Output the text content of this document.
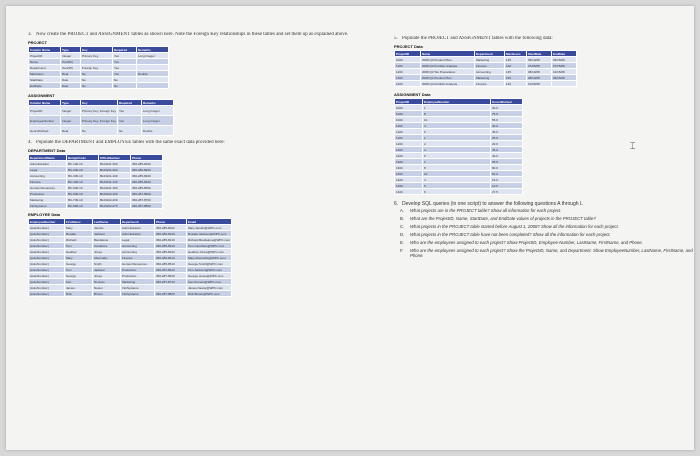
3. Now create the PROJECT and ASSIGNMENT tables as shown here. Note the Foreign Key relationships in these tables and set them up as explained above.
PROJECT
Column Name	Type	Key	Required	Remarks
ProjectID	Integer	Primary Key	Yes	Long Integer
Name	Text(50)		Yes	
Department	Text(35)	Foreign Key	Yes	
MaxHours	Real	No	Yes	Double
StartDate	Date	No	No	
EndDate	Date	No	No	
ASSIGNMENT
Column Name	Type	Key	Required	Remarks
ProjectID	Integer	Primary Key, Foreign Key	Yes	Long Integer
EmployeeNumber	Integer	Primary Key, Foreign Key	Yes	Long Integer
HoursWorked	Real	No	No	Double
4. Populate the DEPARTMENT and EMPLOYEE tables with the same exact data provided here:
DEPARTMENT Data
DepartmentName	BudgetCode	OfficeNumber	Phone
Administration	BC-100-10	BLDG01-300	360-285-8100
Legal	BC-200-10	BLDG01-200	360-285-8200
Accounting	BC-300-10	BLDG01-100	360-285-8300
Finance	BC-400-10	BLDG01-140	360-285-8400
Human Resources	BC-500-10	BLDG01-180	360-285-8500
Production	BC-600-10	BLDG02-100	360-287-8600
Marketing	BC-700-10	BLDG02-200	360-287-8700
InfoSystems	BC-800-10	BLDG02-270	360-287-8800
EMPLOYEE Data
EmployeeNumber	FirstName	LastName	Department	Phone	Email
[AutoNumber]	Mary	Jacobs	Administration	360-285-8110	Mary.Jacobs@WPC.com
[AutoNumber]	Rosalie	Jackson	Administration	360-285-8120	Rosalie.Jackson@WPC.com
[AutoNumber]	Richard	Bandalone	Legal	360-285-8210	Richard.Bandalone@WPC.com
[AutoNumber]	Tom	Caruthers	Accounting	360-285-8310	Tom.Caruthers@WPC.com
[AutoNumber]	Heather	Jones	Accounting	360-285-8320	Heather.Jones@WPC.com
[AutoNumber]	Mary	Abernathy	Finance	360-285-8410	Mary.Abernathy@WPC.com
[AutoNumber]	George	Smith	Human Resources	360-285-8510	George.Smith@WPC.com
[AutoNumber]	Tom	Jackson	Production	360-287-8610	Tom.Jackson@WPC.com
[AutoNumber]	George	Jones	Production	360-287-8620	George.Jones@WPC.com
[AutoNumber]	Ken	Numoto	Marketing	360-287-8710	Ken.Numoto@WPC.com
[AutoNumber]	James	Nestor	InfoSystems		James.Nestor@WPC.com
[AutoNumber]	Rick	Brown	InfoSystems	360-287-8820	Rick.Brown@WPC.com
5. Populate the PROJECT and ASSIGNMENT tables with the following data:
PROJECT Data
ProjectID	Name	Department	MaxHours	StartDate	EndDate
1000	2008 Q3 Product Plan	Marketing	135	05/10/08	06/15/08
1100	2008 Q3 Portfolio Analysis	Finance	120	07/05/08	07/25/08
1200	2008 Q3 Tax Preparation	Accounting	145	08/10/08	10/15/08
1300	2008 Q4 Product Plan	Marketing	150	08/10/08	09/15/08
1400	2008 Q4 Portfolio Analysis	Finance	140	10/05/08	
ASSIGNMENT Data
ProjectID	EmployeeNumber	HoursWorked
1000	1	30.0
1000	8	75.0
1000	10	55.0
1100	4	40.0
1100	6	45.0
1100	1	25.0
1200	2	20.0
1200	4	45.0
1200	5	40.0
1300	1	35.0
1300	8	80.0
1300	10	50.0
1400	4	15.0
1400	5	10.0
1400	6	27.5
6. Develop SQL queries (in one script) to answer the following questions A through L
A. What projects are in the PROJECT table? Show all information for each project.
B. What are the ProjectID, Name, StartDate, and EndDate values of projects in the PROJECT table?
C. What projects in the PROJECT table started before August 1, 2008? Show all the information for each project.
D. What projects in the PROJECT table have not been completed? Show all the information for each project.
E. Who are the employees assigned to each project? Show ProjectID, Employee-Number, LastName, FirstName, and Phone.
F. Who are the employees assigned to each project? Show the ProjectID, Name, and Department. Show EmployeeNumber, LastName, FirstName, and Phone.
⌶
